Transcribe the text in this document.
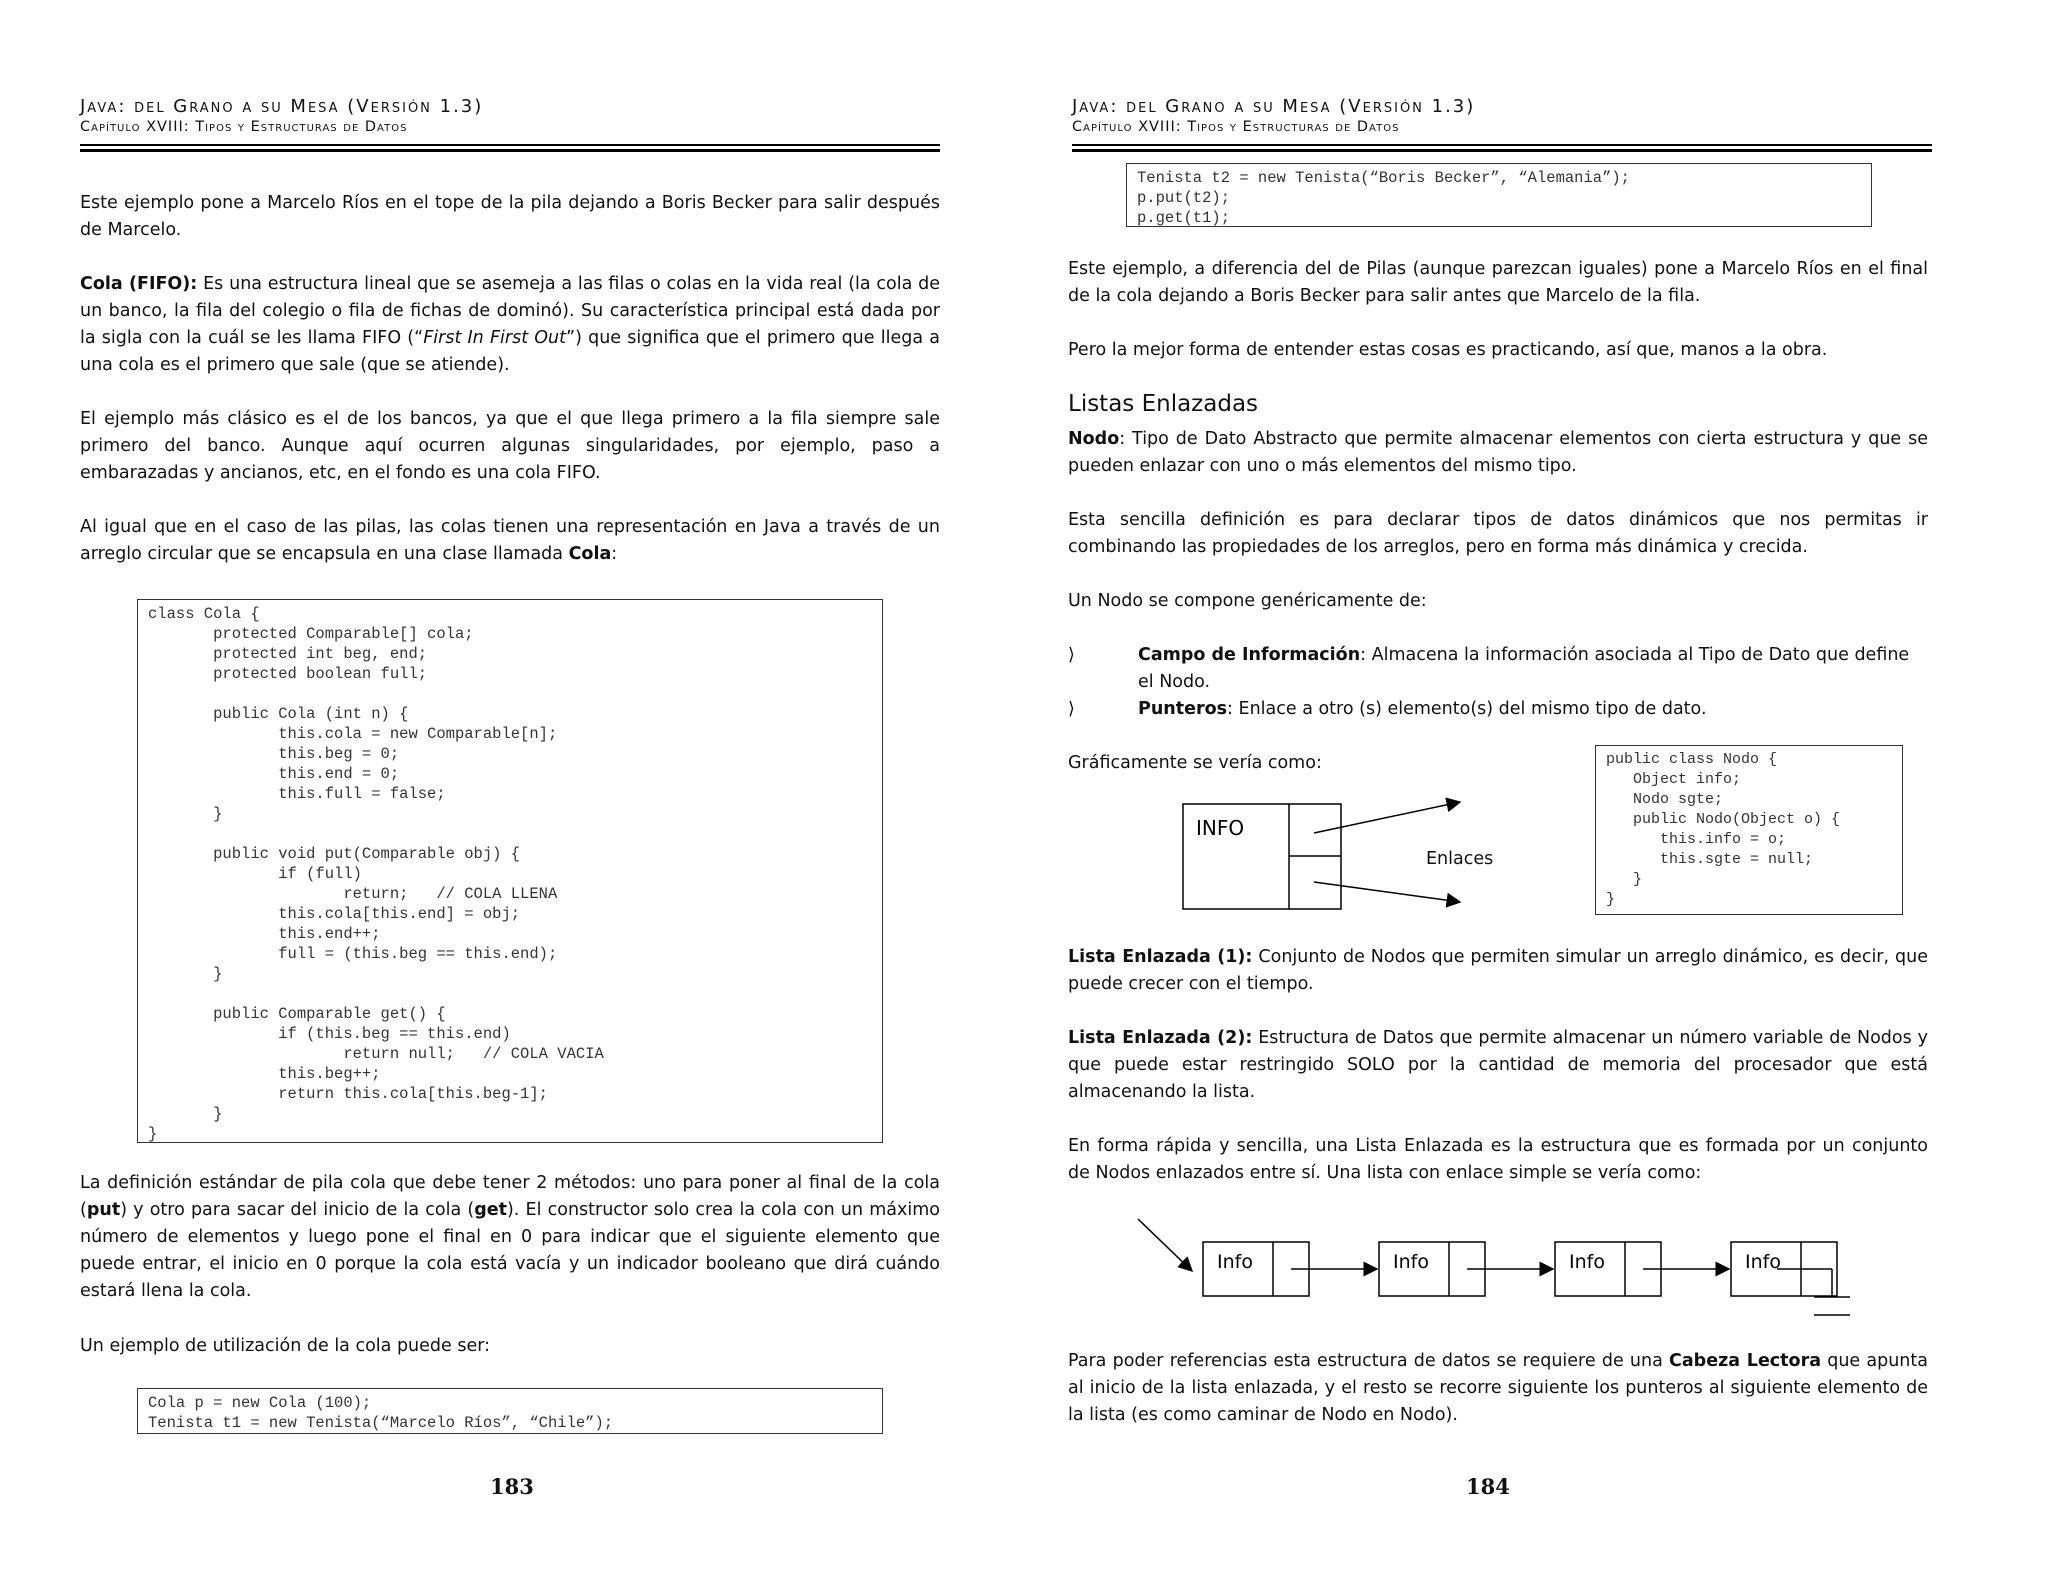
Java: del Grano a su Mesa (Versión 1.3)
Capítulo XVIII: Tipos y Estructuras de Datos
Este ejemplo pone a Marcelo Ríos en el tope de la pila dejando a Boris Becker para salir después de Marcelo.
Cola (FIFO): Es una estructura lineal que se asemeja a las filas o colas en la vida real (la cola de un banco, la fila del colegio o fila de fichas de dominó). Su característica principal está dada por la sigla con la cuál se les llama FIFO (“First In First Out”) que significa que el primero que llega a una cola es el primero que sale (que se atiende).
El ejemplo más clásico es el de los bancos, ya que el que llega primero a la fila siempre sale primero del banco. Aunque aquí ocurren algunas singularidades, por ejemplo, paso a embarazadas y ancianos, etc, en el fondo es una cola FIFO.
Al igual que en el caso de las pilas, las colas tienen una representación en Java a través de un arreglo circular que se encapsula en una clase llamada Cola:
class Cola {
protected Comparable[] cola;
protected int beg, end;
protected boolean full;

public Cola (int n) {
this.cola = new Comparable[n];
this.beg = 0;
this.end = 0;
this.full = false;
}

public void put(Comparable obj) {
if (full)
return;   // COLA LLENA
this.cola[this.end] = obj;
this.end++;
full = (this.beg == this.end);
}

public Comparable get() {
if (this.beg == this.end)
return null;   // COLA VACIA
this.beg++;
return this.cola[this.beg-1];
}
}
La definición estándar de pila cola que debe tener 2 métodos: uno para poner al final de la cola (put) y otro para sacar del inicio de la cola (get). El constructor solo crea la cola con un máximo número de elementos y luego pone el final en 0 para indicar que el siguiente elemento que puede entrar, el inicio en 0 porque la cola está vacía y un indicador booleano que dirá cuándo estará llena la cola.
Un ejemplo de utilización de la cola puede ser:
Cola p = new Cola (100);
Tenista t1 = new Tenista(“Marcelo Ríos”, “Chile”);
183
Java: del Grano a su Mesa (Versión 1.3)
Capítulo XVIII: Tipos y Estructuras de Datos
Tenista t2 = new Tenista(“Boris Becker”, “Alemania”);
p.put(t2);
p.get(t1);
Este ejemplo, a diferencia del de Pilas (aunque parezcan iguales) pone a Marcelo Ríos en el final de la cola dejando a Boris Becker para salir antes que Marcelo de la fila.
Pero la mejor forma de entender estas cosas es practicando, así que, manos a la obra.
Listas Enlazadas
Nodo: Tipo de Dato Abstracto que permite almacenar elementos con cierta estructura y que se pueden enlazar con uno o más elementos del mismo tipo.
Esta sencilla definición es para declarar tipos de datos dinámicos que nos permitas ir combinando las propiedades de los arreglos, pero en forma más dinámica y crecida.
Un Nodo se compone genéricamente de:
⟩	Campo de Información: Almacena la información asociada al Tipo de Dato que define el Nodo.
⟩	Punteros: Enlace a otro (s) elemento(s) del mismo tipo de dato.
Gráficamente se vería como:
INFO
Enlaces
public class Nodo {
Object info;
Nodo sgte;
public Nodo(Object o) {
this.info = o;
this.sgte = null;
}
}
Lista Enlazada (1): Conjunto de Nodos que permiten simular un arreglo dinámico, es decir, que puede crecer con el tiempo.
Lista Enlazada (2): Estructura de Datos que permite almacenar un número variable de Nodos y que puede estar restringido SOLO por la cantidad de memoria del procesador que está almacenando la lista.
En forma rápida y sencilla, una Lista Enlazada es la estructura que es formada por un conjunto de Nodos enlazados entre sí. Una lista con enlace simple se vería como:
Info	Info	Info	Info
Para poder referencias esta estructura de datos se requiere de una Cabeza Lectora que apunta al inicio de la lista enlazada, y el resto se recorre siguiente los punteros al siguiente elemento de la lista (es como caminar de Nodo en Nodo).
184
